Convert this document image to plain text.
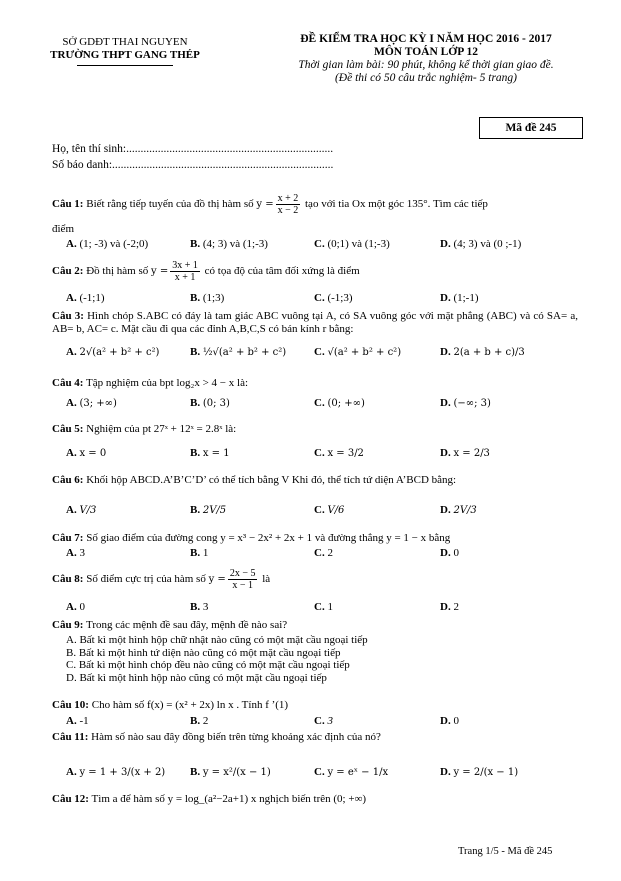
SỞ GDĐT THAI NGUYEN
TRƯỜNG THPT GANG THÉP
ĐỀ KIỂM TRA HỌC KỲ I NĂM HỌC 2016 - 2017
MÔN TOÁN LỚP 12
Thời gian làm bài: 90 phút, không kể thời gian giao đề.
(Đề thi có 50 câu trắc nghiệm- 5 trang)
Mã đề 245
Họ, tên thí sinh:........................................................................
Số báo danh:.............................................................................
Câu 1: Biết rằng tiếp tuyến của đồ thị hàm số $y = \frac{x + 2}{x - 2}$ tạo với tia Ox một góc 135°. Tìm các tiếp
điểm
A. (1; -3) và (-2;0)	B. (4; 3) và (1;-3)	C. (0;1) và (1;-3)	D. (4; 3) và (0 ;-1)
Câu 2: Đồ thị hàm số $y = \frac{3x + 1}{x + 1}$ có tọa độ của tâm đối xứng là điểm
A. (-1;1)	B. (1;3)	C. (-1;3)	D. (1;-1)
Câu 3: Hình chóp S.ABC có đáy là tam giác ABC vuông tại A, có SA vuông góc với mặt phẳng (ABC) và có SA= a, AB= b, AC= c. Mặt cầu đi qua các đỉnh A,B,C,S có bán kính r bằng:
A. 2√(a² + b² + c²)	B. ½√(a² + b² + c²)	C. √(a² + b² + c²)	D. 2(a + b + c)/3
Câu 4: Tập nghiệm của bpt log₂x > 4 − x là:
A. (3; +∞)	B. (0; 3)	C. (0; +∞)	D. (−∞; 3)
Câu 5: Nghiệm của pt 27ˣ + 12ˣ = 2.8ˣ là:
A. x = 0	B. x = 1	C. x = 3/2	D. x = 2/3
Câu 6: Khối hộp ABCD.A’B’C’D’ có thể tích bằng V Khi đó, thể tích tứ diện A’BCD bằng:
A. V/3	B. 2V/5	C. V/6	D. 2V/3
Câu 7: Số giao điểm của đường cong y = x³ − 2x² + 2x + 1 và đường thẳng y = 1 − x bằng
A. 3	B. 1	C. 2	D. 0
Câu 8: Số điểm cực trị của hàm số $y = \frac{2x - 5}{x - 1}$ là
A. 0	B. 3	C. 1	D. 2
Câu 9: Trong các mệnh đề sau đây, mệnh đề nào sai?
A. Bất kì một hình hộp chữ nhật nào cũng có một mặt cầu ngoại tiếp
B. Bất kì một hình tứ diện nào cũng có một mặt cầu ngoại tiếp
C. Bất kì một hình chóp đều nào cũng có một mặt cầu ngoại tiếp
D. Bất kì một hình hộp nào cũng có một mặt cầu ngoại tiếp
Câu 10: Cho hàm số f(x) = (x² + 2x) ln x . Tính f ’(1)
A. -1	B. 2	C. 3	D. 0
Câu 11: Hàm số nào sau đây đồng biến trên từng khoảng xác định của nó?
A. y = 1 + 3/(x + 2) B. y = x²/(x − 1)	C. y = eˣ − 1/x	D. y = 2/(x − 1)
Câu 12: Tìm a để hàm số y = log_(a²−2a+1) x nghịch biến trên (0; +∞)
Trang 1/5 - Mã đề 245
